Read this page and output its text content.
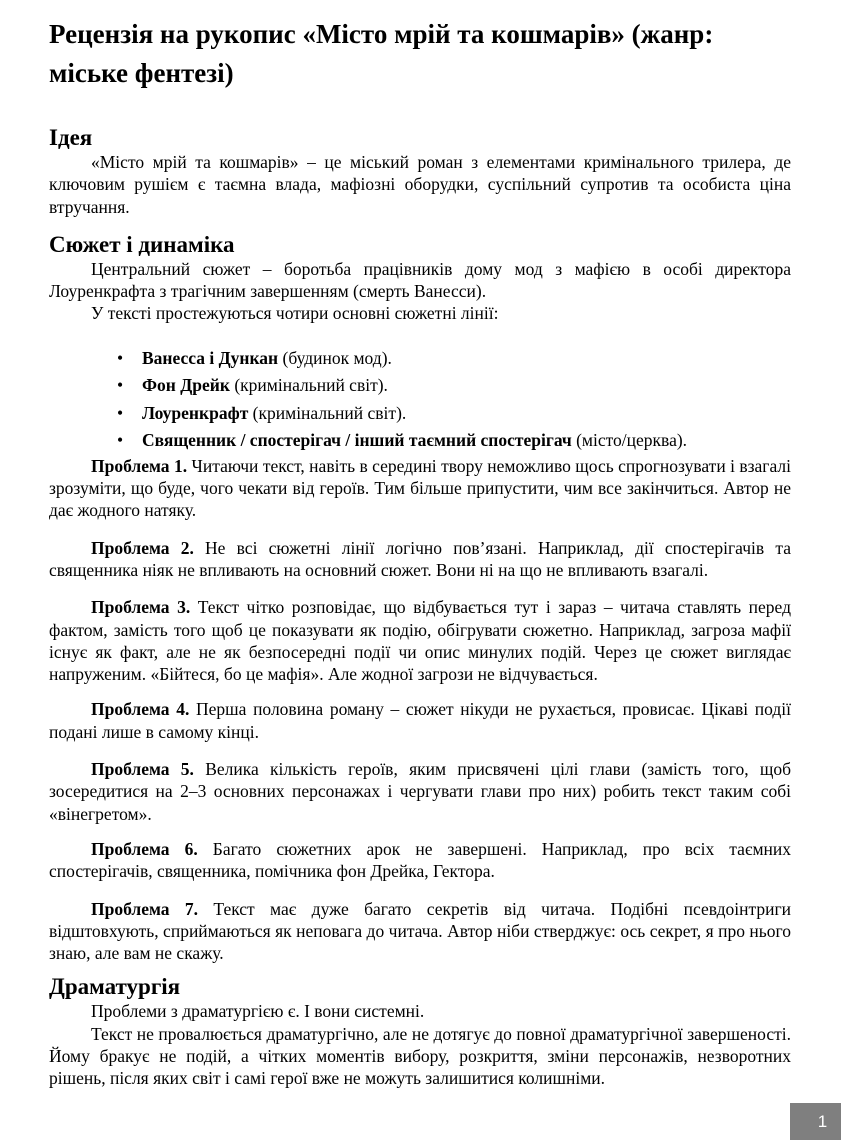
Рецензія на рукопис «Місто мрій та кошмарів» (жанр: міське фентезі)
Ідея

«Місто мрій та кошмарів» – це міський роман з елементами кримінального трилера, де ключовим рушієм є таємна влада, мафіозні оборудки, суспільний супротив та особиста ціна втручання.

Сюжет і динаміка

Центральний сюжет – боротьба працівників дому мод з мафією в особі директора Лоуренкрафта з трагічним завершенням (смерть Ванесси).

У тексті простежуються чотири основні сюжетні лінії:

• Ванесса і Дункан (будинок мод).
• Фон Дрейк (кримінальний світ).
• Лоуренкрафт (кримінальний світ).
• Священник / спостерігач / інший таємний спостерігач (місто/церква).

Проблема 1. Читаючи текст, навіть в середині твору неможливо щось спрогнозувати і взагалі зрозуміти, що буде, чого чекати від героїв. Тим більше припустити, чим все закінчиться. Автор не дає жодного натяку.

Проблема 2. Не всі сюжетні лінії логічно пов’язані. Наприклад, дії спостерігачів та священника ніяк не впливають на основний сюжет. Вони ні на що не впливають взагалі.

Проблема 3. Текст чітко розповідає, що відбувається тут і зараз – читача ставлять перед фактом, замість того щоб це показувати як подію, обігрувати сюжетно. Наприклад, загроза мафії існує як факт, але не як безпосередні події чи опис минулих подій. Через це сюжет виглядає напруженим. «Бійтеся, бо це мафія». Але жодної загрози не відчувається.

Проблема 4. Перша половина роману – сюжет нікуди не рухається, провисає. Цікаві події подані лише в самому кінці.

Проблема 5. Велика кількість героїв, яким присвячені цілі глави (замість того, щоб зосередитися на 2–3 основних персонажах і чергувати глави про них) робить текст таким собі «вінегретом».

Проблема 6. Багато сюжетних арок не завершені. Наприклад, про всіх таємних спостерігачів, священника, помічника фон Дрейка, Гектора.

Проблема 7. Текст має дуже багато секретів від читача. Подібні псевдоінтриги відштовхують, сприймаються як неповага до читача. Автор ніби стверджує: ось секрет, я про нього знаю, але вам не скажу.

Драматургія

Проблеми з драматургією є. І вони системні.

Текст не провалюється драматургічно, але не дотягує до повної драматургічної завершеності. Йому бракує не подій, а чітких моментів вибору, розкриття, зміни персонажів, незворотних рішень, після яких світ і самі герої вже не можуть залишитися колишніми.

1
